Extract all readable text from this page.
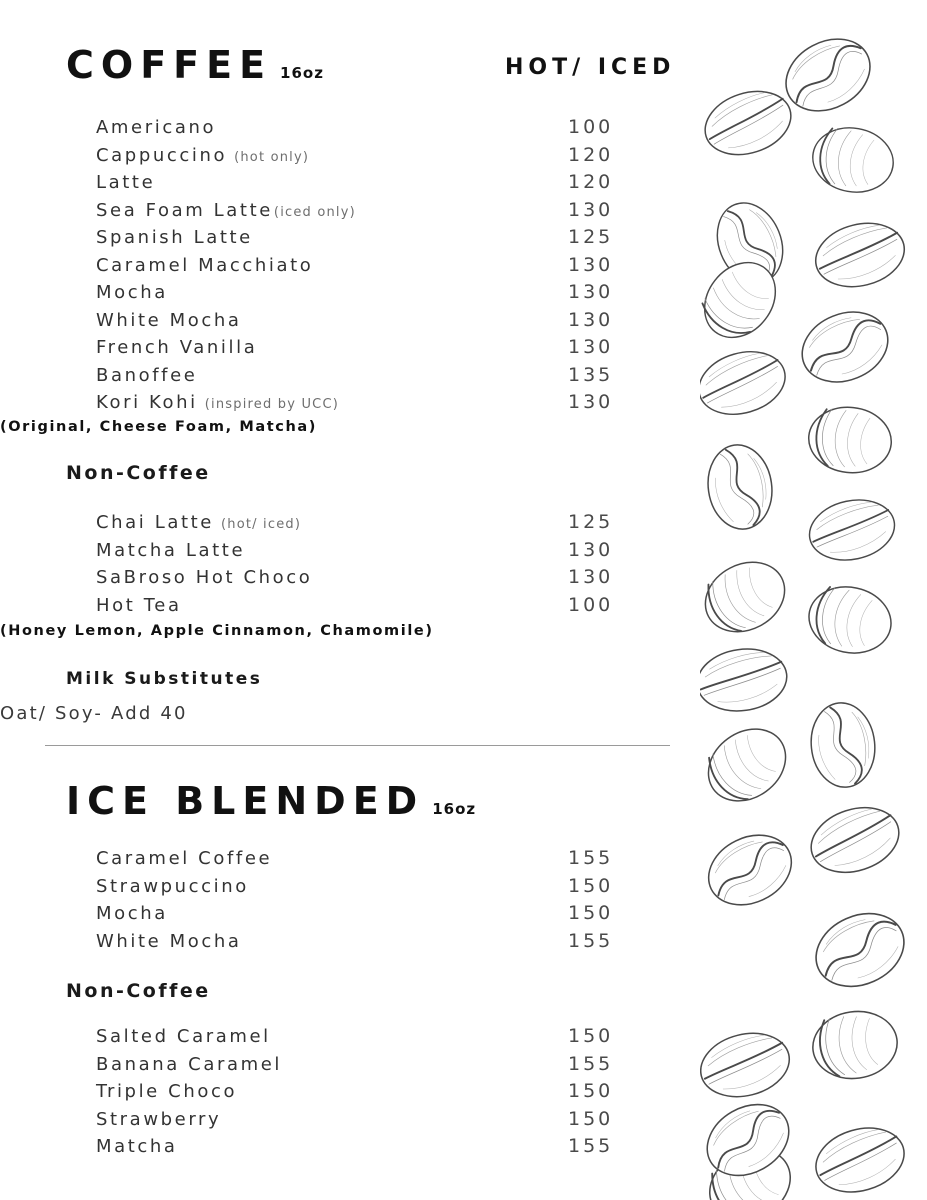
COFFEE 16oz	HOT/ ICED
Americano	100
Cappuccino (hot only)	120
Latte	120
Sea Foam Latte(iced only)	130
Spanish Latte	125
Caramel Macchiato	130
Mocha	130
White Mocha	130
French Vanilla	130
Banoffee	135
Kori Kohi (inspired by UCC)	130
(Original, Cheese Foam, Matcha)
Non-Coffee
Chai Latte (hot/ iced)	125
Matcha Latte	130
SaBroso Hot Choco	130
Hot Tea	100
(Honey Lemon, Apple Cinnamon, Chamomile)
Milk Substitutes
Oat/ Soy- Add 40
ICE BLENDED 16oz
Caramel Coffee	155
Strawpuccino	150
Mocha	150
White Mocha	155
Non-Coffee
Salted Caramel	150
Banana Caramel	155
Triple Choco	150
Strawberry	150
Matcha	155
